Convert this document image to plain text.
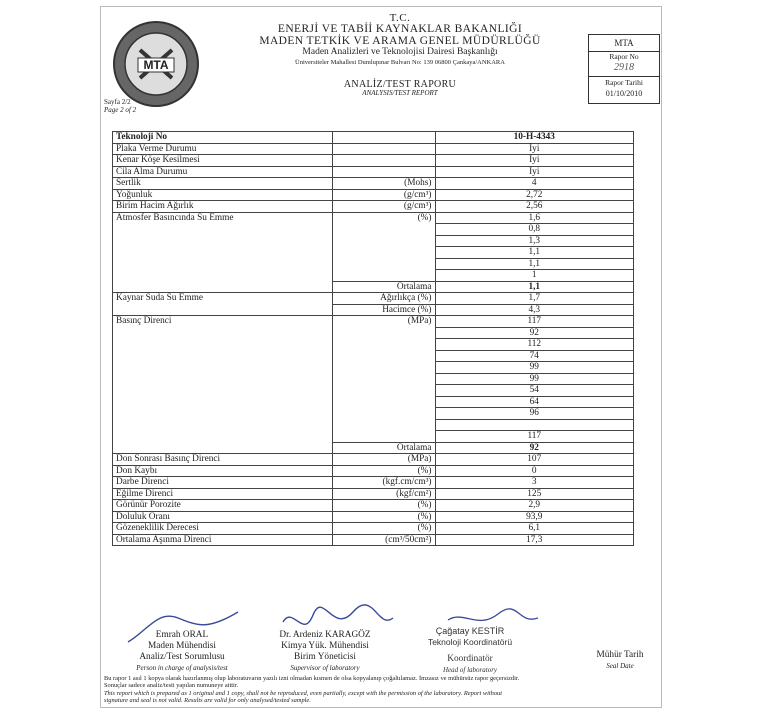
MTA
T.C.
ENERJİ VE TABİİ KAYNAKLAR BAKANLIĞI
MADEN TETKİK VE ARAMA GENEL MÜDÜRLÜĞÜ
Maden Analizleri ve Teknolojisi Dairesi Başkanlığı
Üniversiteler Mahallesi Dumlupınar Bulvarı No: 139 06800 Çankaya/ANKARA
ANALİZ/TEST RAPORU
ANALYSIS/TEST REPORT
Sayfa 2/2
Page 2 of 2
MTA
Rapor No
2918
Rapor Tarihi
01/10/2010
Teknoloji No		10-H-4343
Plaka Verme Durumu		İyi
Kenar Köşe Kesilmesi		İyi
Cila Alma Durumu		İyi
Sertlik	(Mohs)	4
Yoğunluk	(g/cm³)	2,72
Birim Hacim Ağırlık	(g/cm³)	2,56
Atmosfer Basıncında Su Emme	(%)	1,6
		0,8
		1,3
		1,1
		1,1
		1
	Ortalama	1,1
Kaynar Suda Su Emme	Ağırlıkça (%)	1,7
	Hacimce (%)	4,3
Basınç Direnci	(MPa)	117
		92
		112
		74
		99
		99
		54
		64
		96

		117
	Ortalama	92
Don Sonrası Basınç Direnci	(MPa)	107
Don Kaybı	(%)	0
Darbe Direnci	(kgf.cm/cm³)	3
Eğilme Direnci	(kgf/cm²)	125
Görünür Porozite	(%)	2,9
Doluluk Oranı	(%)	93,9
Gözeneklilik Derecesi	(%)	6,1
Ortalama Aşınma Direnci	(cm³/50cm²)	17,3
Emrah ORAL
Maden Mühendisi
Analiz/Test Sorumlusu
Person in charge of analysis/test
Dr. Ardeniz KARAGÖZ
Kimya Yük. Mühendisi
Birim Yöneticisi
Supervisor of laboratory
Çağatay KESTİR
Teknoloji Koordinatörü
Koordinatör
Head of laboratory
Mühür Tarih
Seal Date
Bu rapor 1 asıl 1 kopya olarak hazırlanmış olup laboratuvarın yazılı izni olmadan kısmen de olsa kopyalanıp çoğaltılamaz. İmzasız ve mühürsüz rapor geçersizdir.
Sonuçlar sadece analiz/testi yapılan numuneye aittir.
This report which is prepared as 1 original and 1 copy, shall not be reproduced, even partially, except with the permission of the laboratory. Report without
signature and seal is not valid. Results are valid for only analysed/tested sample.
